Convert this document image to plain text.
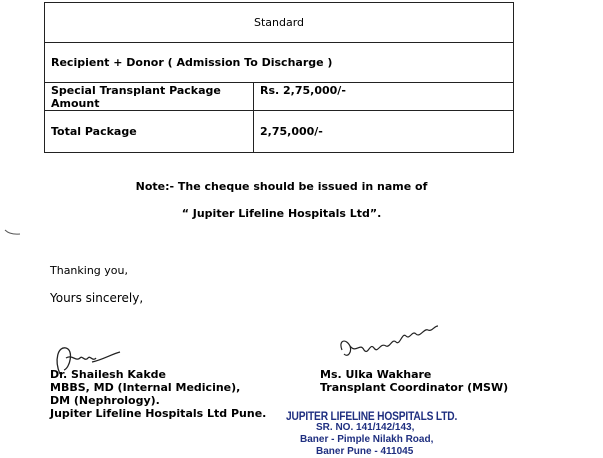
Standard	
Recipient + Donor ( Admission To Discharge )	
Special Transplant Package Amount	Rs. 2,75,000/-
Total Package	2,75,000/-
Note:- The cheque should be issued in name of
“ Jupiter Lifeline Hospitals Ltd”.
Thanking you,
Yours sincerely,
Dr. Shailesh Kakde
MBBS, MD (Internal Medicine),
DM (Nephrology).
Jupiter Lifeline Hospitals Ltd Pune.
Ms. Ulka Wakhare
Transplant Coordinator (MSW)
JUPITER LIFELINE HOSPITALS LTD.
SR. NO. 141/142/143,
Baner - Pimple Nilakh Road,
Baner Pune - 411045
